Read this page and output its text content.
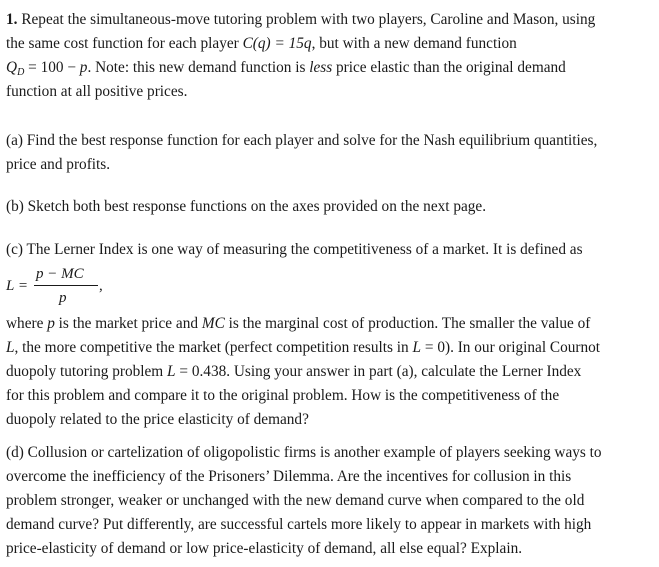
1. Repeat the simultaneous-move tutoring problem with two players, Caroline and Mason, using
the same cost function for each player C(q) = 15q, but with a new demand function
$Q_D = 100 - p$. Note: this new demand function is less price elastic than the original demand
function at all positive prices.
(a) Find the best response function for each player and solve for the Nash equilibrium quantities,
price and profits.
(b) Sketch both best response functions on the axes provided on the next page.
(c) The Lerner Index is one way of measuring the competitiveness of a market. It is defined as
L =
p − MC
p
,
where p is the market price and MC is the marginal cost of production. The smaller the value of
L, the more competitive the market (perfect competition results in L = 0). In our original Cournot
duopoly tutoring problem L = 0.438. Using your answer in part (a), calculate the Lerner Index
for this problem and compare it to the original problem. How is the competitiveness of the
duopoly related to the price elasticity of demand?
(d) Collusion or cartelization of oligopolistic firms is another example of players seeking ways to
overcome the inefficiency of the Prisoners’ Dilemma. Are the incentives for collusion in this
problem stronger, weaker or unchanged with the new demand curve when compared to the old
demand curve? Put differently, are successful cartels more likely to appear in markets with high
price-elasticity of demand or low price-elasticity of demand, all else equal? Explain.
